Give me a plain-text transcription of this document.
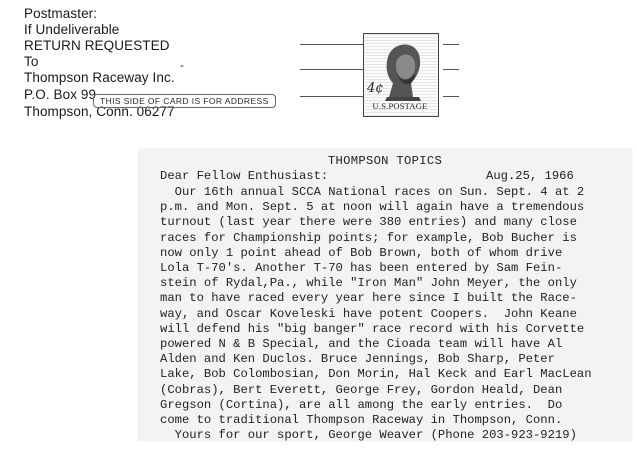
Postmaster:
If Undeliverable
RETURN REQUESTED
To	-
Thompson Raceway Inc.
P.O. Box 99
Thompson, Conn. 06277
THIS SIDE OF CARD IS FOR ADDRESS
4¢
U.S.POSTAGE
THOMPSON TOPICS
Dear Fellow Enthusiast:	Aug.25, 1966
Our 16th annual SCCA National races on Sun. Sept. 4 at 2
p.m. and Mon. Sept. 5 at noon will again have a tremendous
turnout (last year there were 380 entries) and many close
races for Championship points; for example, Bob Bucher is
now only 1 point ahead of Bob Brown, both of whom drive
Lola T-70's. Another T-70 has been entered by Sam Fein-
stein of Rydal,Pa., while "Iron Man" John Meyer, the only
man to have raced every year here since I built the Race-
way, and Oscar Koveleski have potent Coopers.  John Keane
will defend his "big banger" race record with his Corvette
powered N & B Special, and the Cioada team will have Al
Alden and Ken Duclos. Bruce Jennings, Bob Sharp, Peter
Lake, Bob Colombosian, Don Morin, Hal Keck and Earl MacLean
(Cobras), Bert Everett, George Frey, Gordon Heald, Dean
Gregson (Cortina), are all among the early entries.  Do
come to traditional Thompson Raceway in Thompson, Conn.
Yours for our sport, George Weaver (Phone 203-923-9219)
